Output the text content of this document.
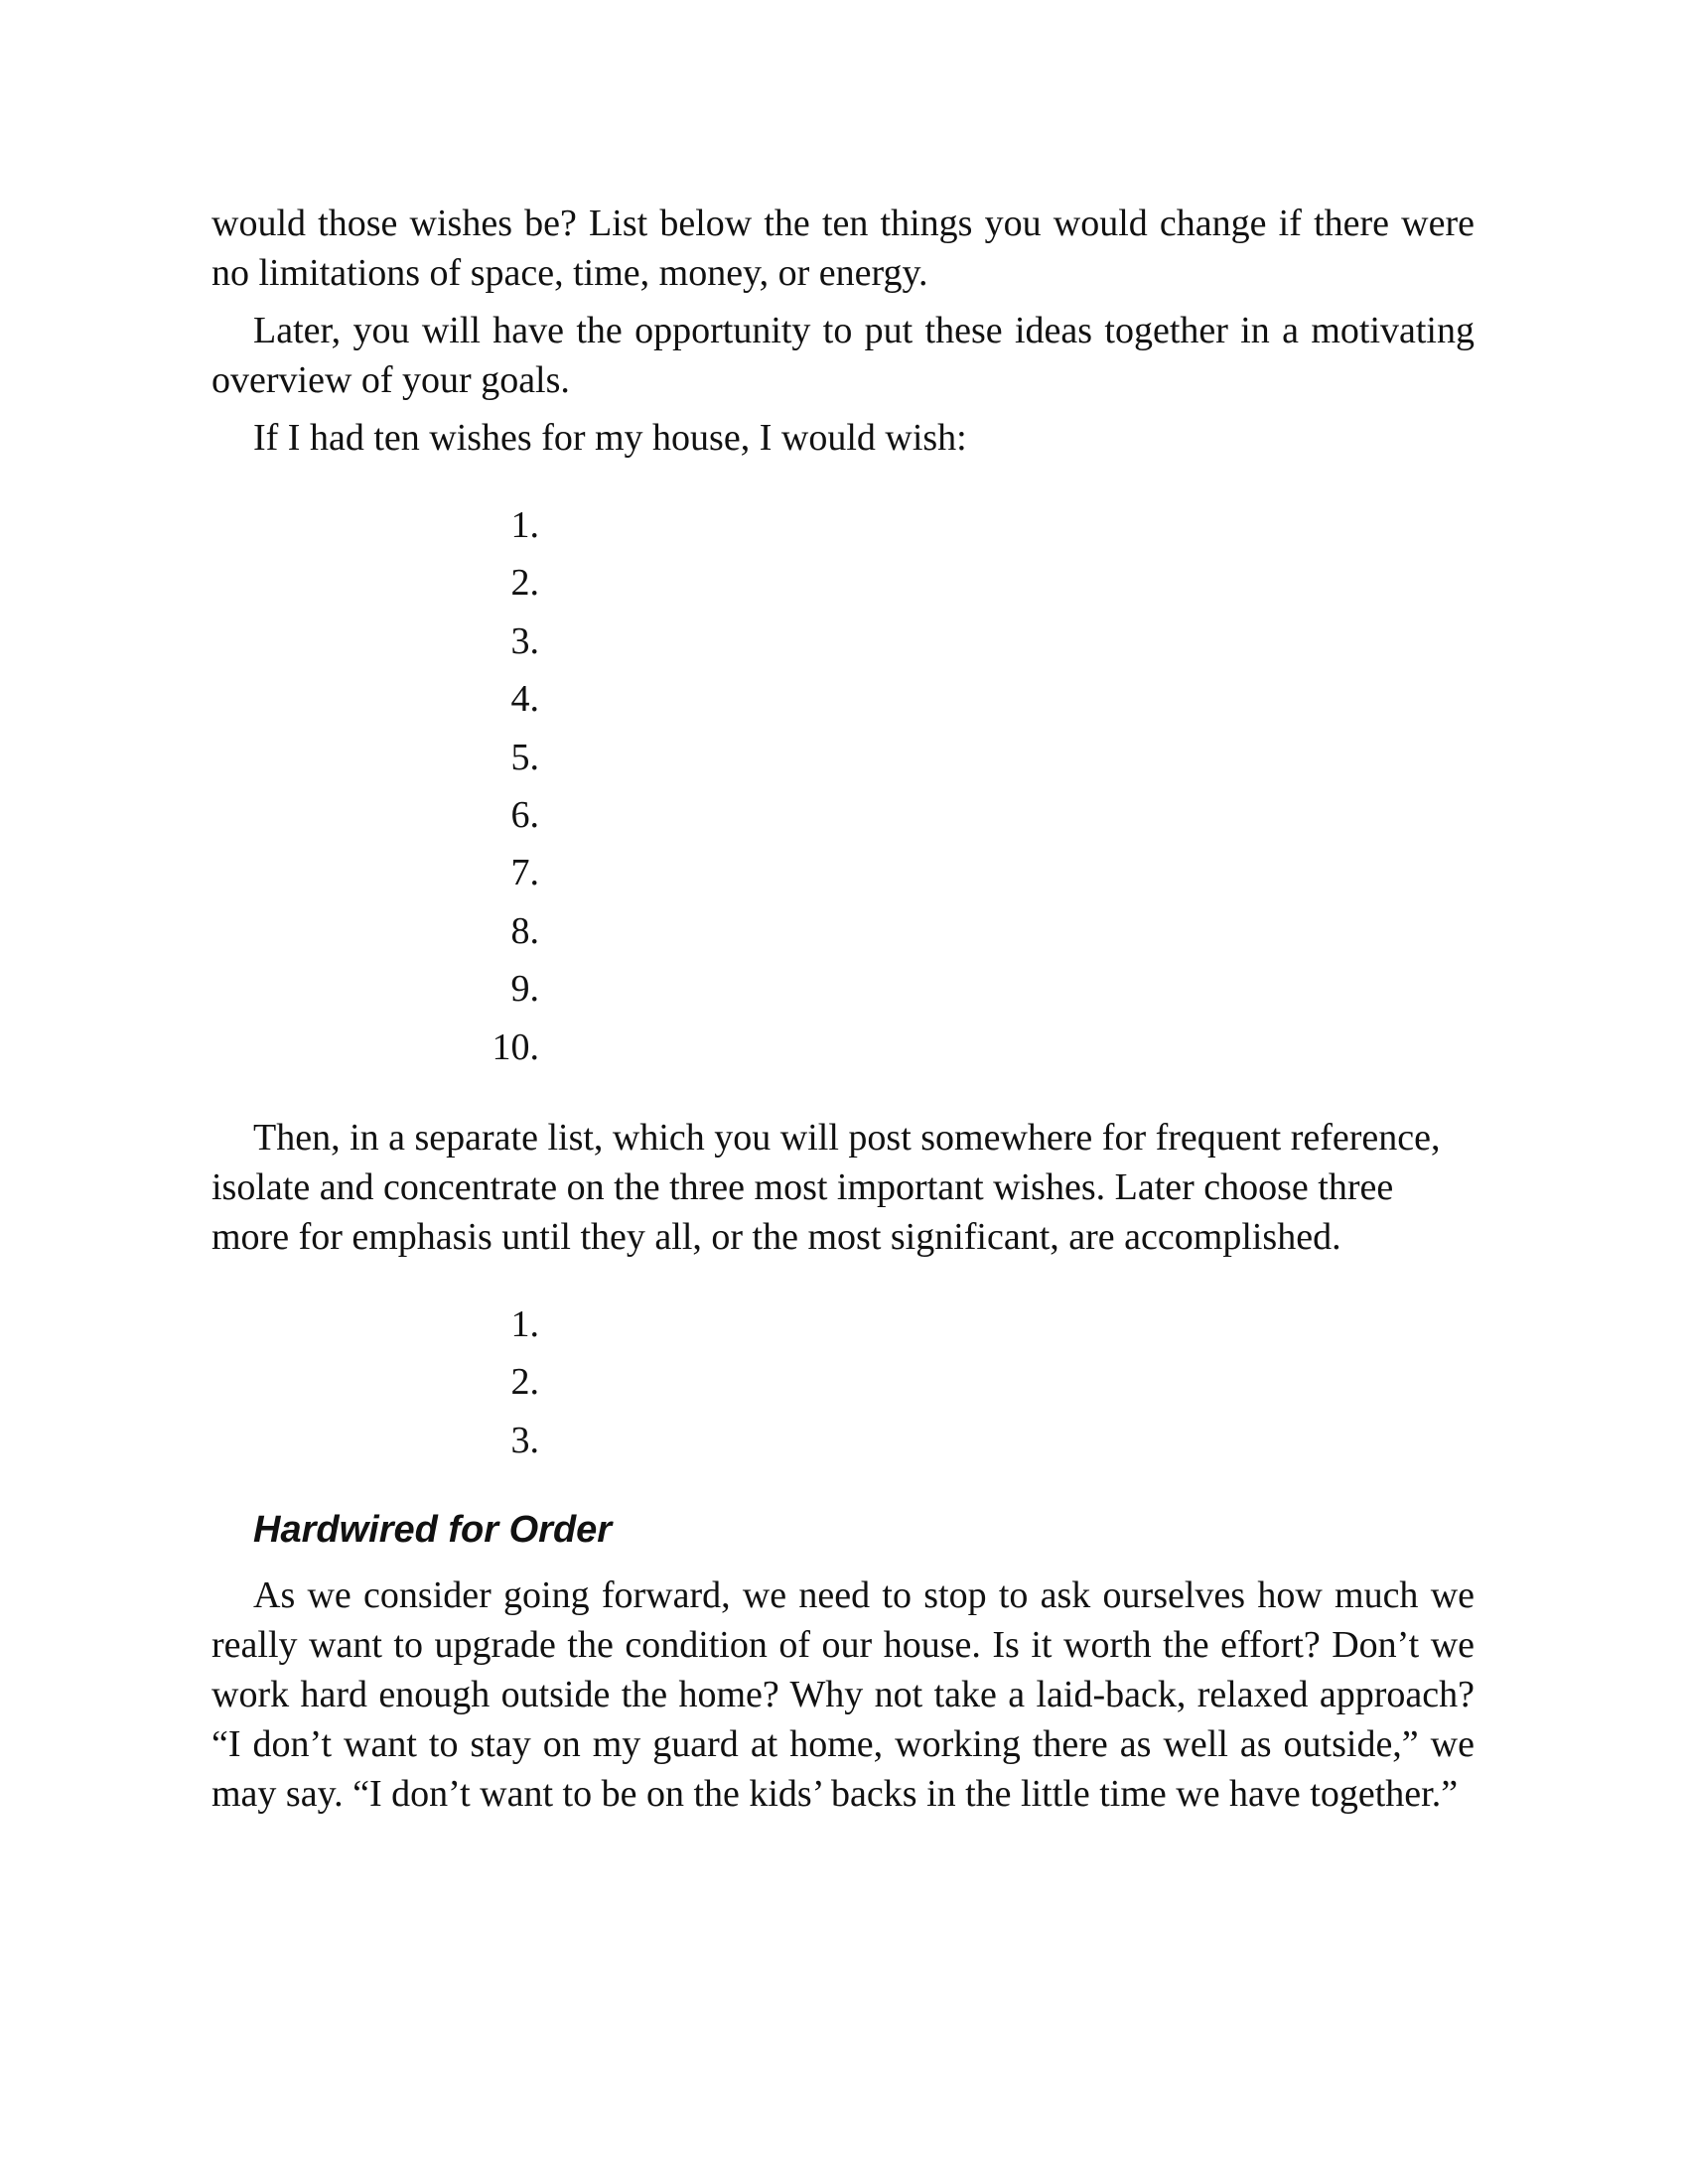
would those wishes be? List below the ten things you would change if there were no limitations of space, time, money, or energy.

Later, you will have the opportunity to put these ideas together in a motivating overview of your goals.

If I had ten wishes for my house, I would wish:

1.
2.
3.
4.
5.
6.
7.
8.
9.
10.

Then, in a separate list, which you will post somewhere for frequent reference, isolate and concentrate on the three most important wishes. Later choose three more for emphasis until they all, or the most significant, are accomplished.

1.
2.
3.
Hardwired for Order

As we consider going forward, we need to stop to ask ourselves how much we really want to upgrade the condition of our house. Is it worth the effort? Don’t we work hard enough outside the home? Why not take a laid-back, relaxed approach? “I don’t want to stay on my guard at home, working there as well as outside,” we may say. “I don’t want to be on the kids’ backs in the little time we have together.”
